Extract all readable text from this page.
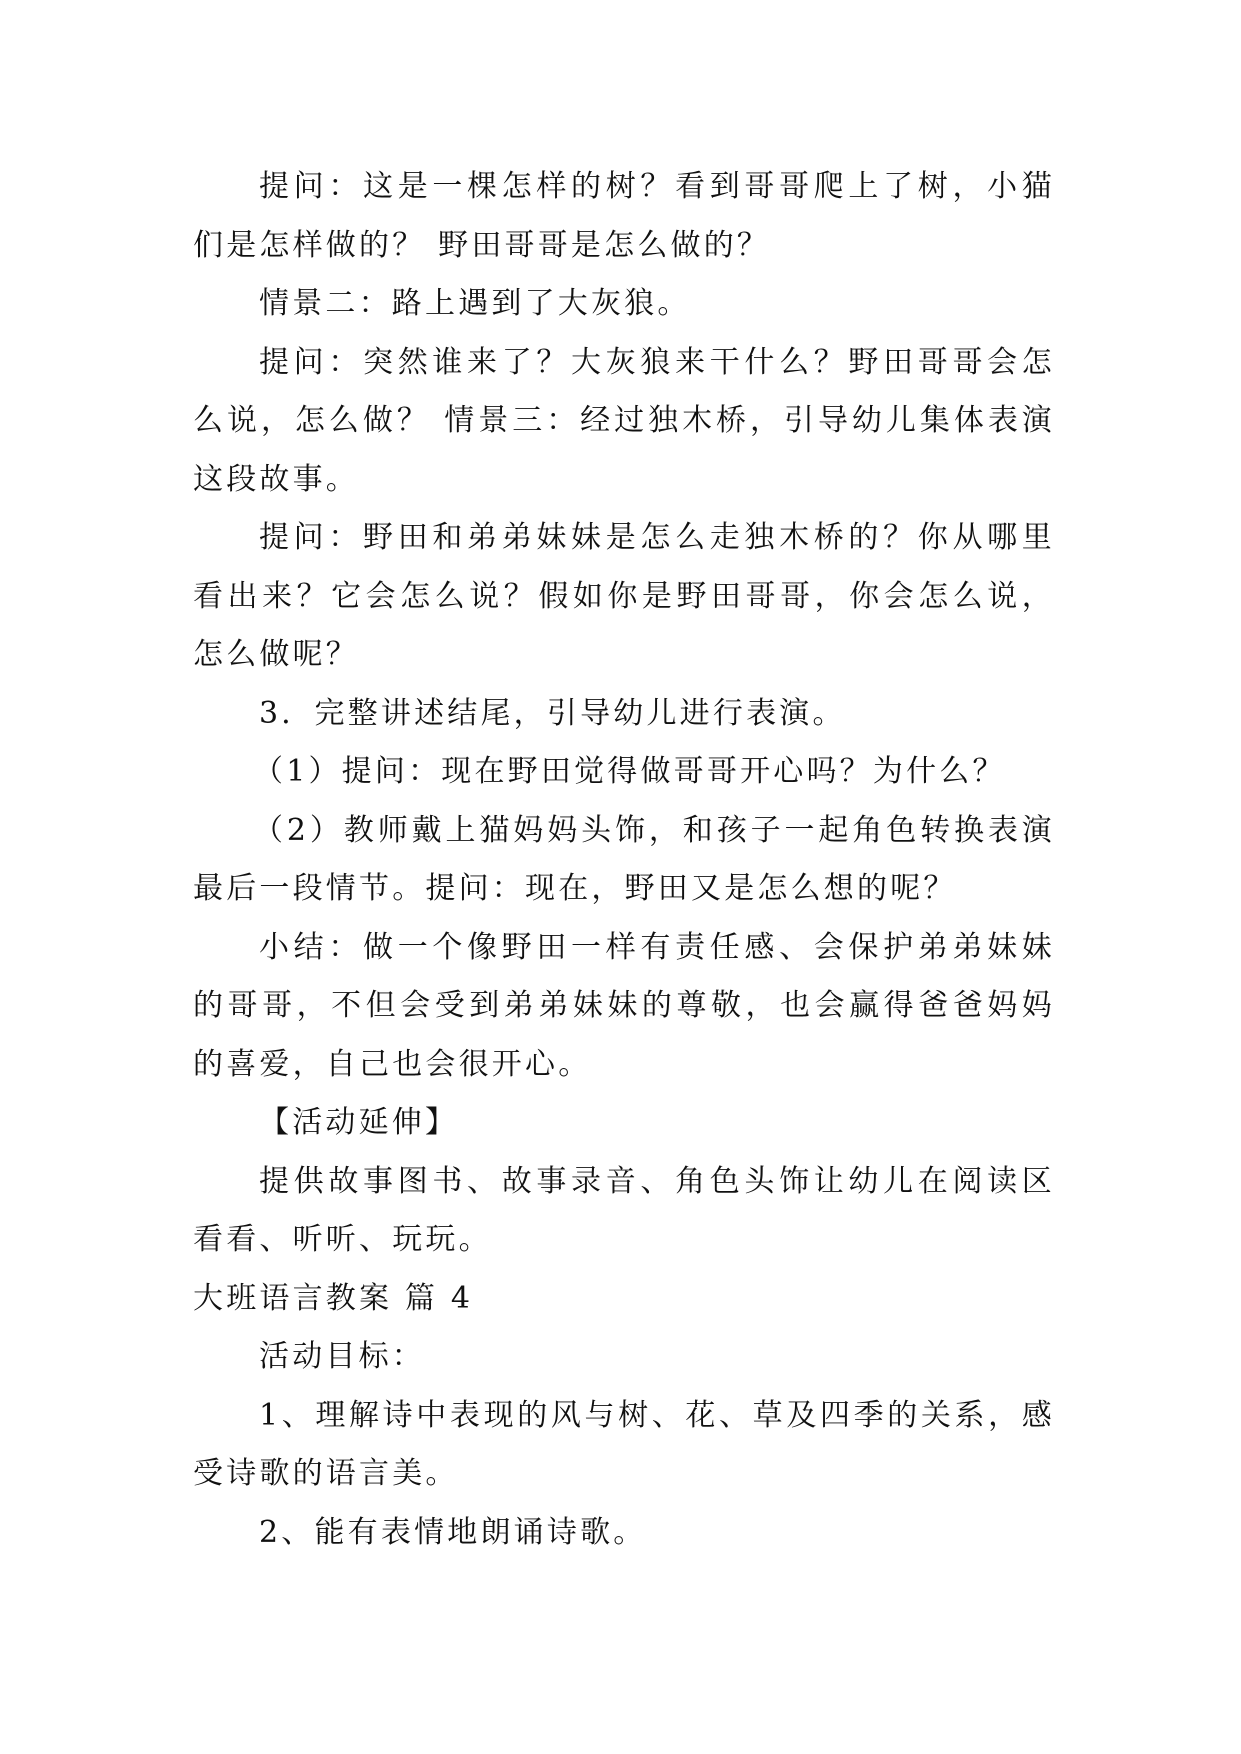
提问：这是一棵怎样的树？看到哥哥爬上了树，小猫们是怎样做的？ 野田哥哥是怎么做的？

情景二：路上遇到了大灰狼。

提问：突然谁来了？大灰狼来干什么？野田哥哥会怎么说，怎么做？ 情景三：经过独木桥，引导幼儿集体表演这段故事。

提问：野田和弟弟妹妹是怎么走独木桥的？你从哪里看出来？它会怎么说？假如你是野田哥哥，你会怎么说，怎么做呢？

3．完整讲述结尾，引导幼儿进行表演。

（1）提问：现在野田觉得做哥哥开心吗？为什么？

（2）教师戴上猫妈妈头饰，和孩子一起角色转换表演最后一段情节。提问：现在，野田又是怎么想的呢？

小结：做一个像野田一样有责任感、会保护弟弟妹妹的哥哥，不但会受到弟弟妹妹的尊敬，也会赢得爸爸妈妈的喜爱，自己也会很开心。

【活动延伸】

提供故事图书、故事录音、角色头饰让幼儿在阅读区看看、听听、玩玩。

大班语言教案 篇 4

活动目标：

1、理解诗中表现的风与树、花、草及四季的关系，感受诗歌的语言美。

2、能有表情地朗诵诗歌。
